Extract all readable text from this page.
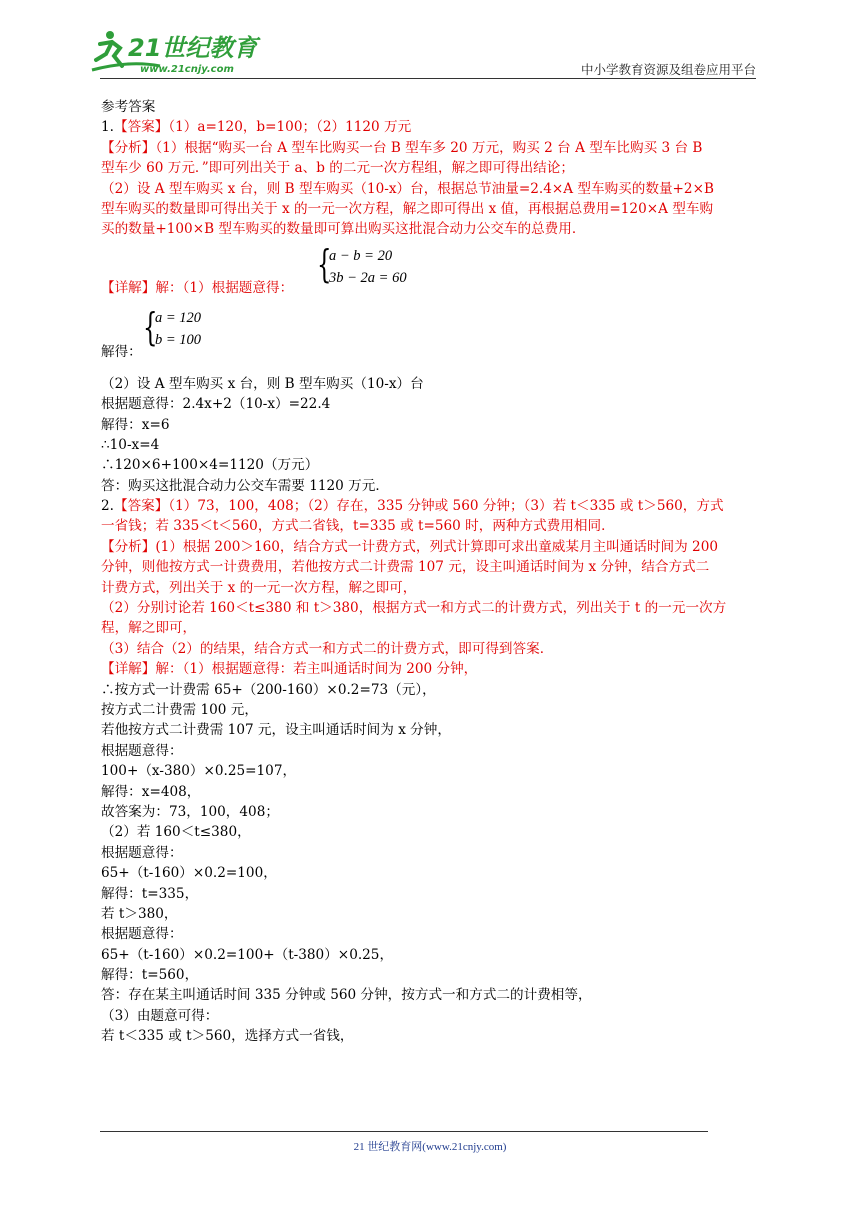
21世纪教育
www.21cnjy.com	中小学教育资源及组卷应用平台
参考答案
1.【答案】（1）a=120，b=100；（2）1120 万元
【分析】（1）根据“购买一台 A 型车比购买一台 B 型车多 20 万元，购买 2 台 A 型车比购买 3 台 B
型车少 60 万元．”即可列出关于 a、b 的二元一次方程组，解之即可得出结论；
（2）设 A 型车购买 x 台，则 B 型车购买（10-x）台，根据总节油量=2.4×A 型车购买的数量+2×B
型车购买的数量即可得出关于 x 的一元一次方程，解之即可得出 x 值，再根据总费用=120×A 型车购
买的数量+100×B 型车购买的数量即可算出购买这批混合动力公交车的总费用．
【详解】解：（1）根据题意得：
{
a − b = 20
3b − 2a = 60
解得：
{
a = 120
b = 100
（2）设 A 型车购买 x 台，则 B 型车购买（10-x）台
根据题意得：2.4x+2（10-x）=22.4
解得：x=6
∴10-x=4
∴120×6+100×4=1120（万元）
答：购买这批混合动力公交车需要 1120 万元．
2.【答案】（1）73，100，408；（2）存在，335 分钟或 560 分钟；（3）若 t＜335 或 t＞560，方式
一省钱；若 335＜t＜560，方式二省钱，t=335 或 t=560 时，两种方式费用相同．
【分析】(1）根据 200＞160，结合方式一计费方式，列式计算即可求出童威某月主叫通话时间为 200
分钟，则他按方式一计费费用，若他按方式二计费需 107 元，设主叫通话时间为 x 分钟，结合方式二
计费方式，列出关于 x 的一元一次方程，解之即可，
（2）分别讨论若 160＜t≤380 和 t＞380，根据方式一和方式二的计费方式，列出关于 t 的一元一次方
程，解之即可，
（3）结合（2）的结果，结合方式一和方式二的计费方式，即可得到答案．
【详解】解：（1）根据题意得：若主叫通话时间为 200 分钟，
∴按方式一计费需 65+（200-160）×0.2=73（元），
按方式二计费需 100 元，
若他按方式二计费需 107 元，设主叫通话时间为 x 分钟，
根据题意得：
100+（x-380）×0.25=107，
解得：x=408，
故答案为：73，100，408；
（2）若 160＜t≤380，
根据题意得：
65+（t-160）×0.2=100，
解得：t=335，
若 t＞380，
根据题意得：
65+（t-160）×0.2=100+（t-380）×0.25，
解得：t=560，
答：存在某主叫通话时间 335 分钟或 560 分钟，按方式一和方式二的计费相等，
（3）由题意可得：
若 t＜335 或 t＞560，选择方式一省钱，
21 世纪教育网(www.21cnjy.com)
